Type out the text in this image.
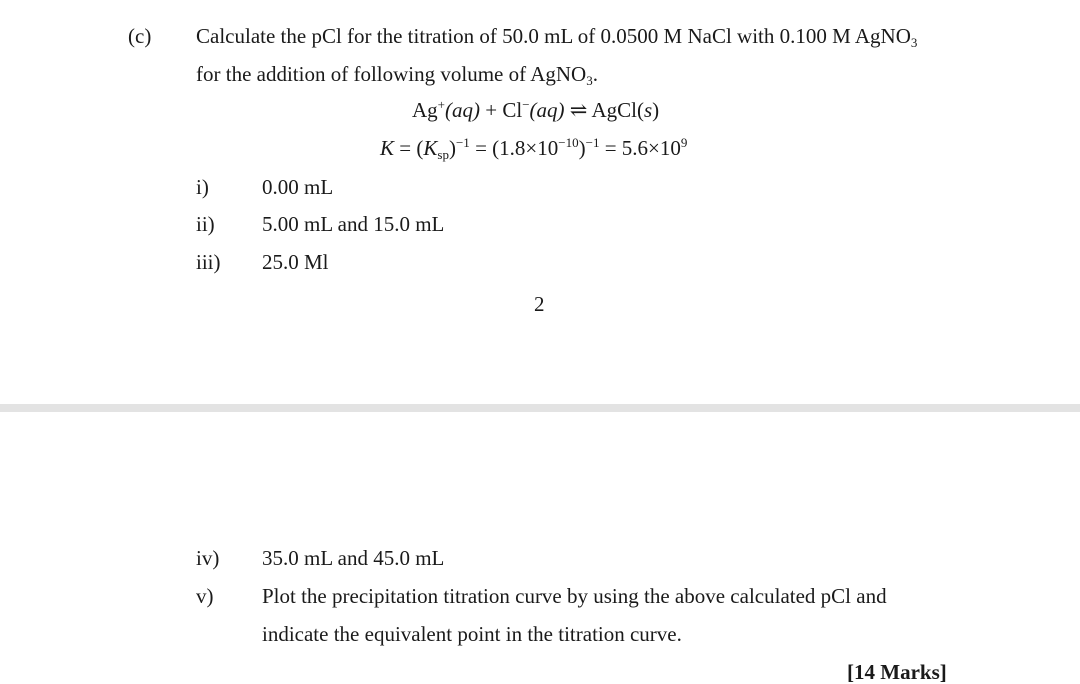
(c) Calculate the pCl for the titration of 50.0 mL of 0.0500 M NaCl with 0.100 M AgNO$_3$
for the addition of following volume of AgNO$_3$.
Ag+(aq) + Cl−(aq) ⇌ AgCl(s)
$K = (K_{sp})^{-1} = (1.8\times 10^{-10})^{-1} = 5.6\times 10^9$
i)	0.00 mL
ii) 5.00 mL and 15.0 mL
iii) 25.0 Ml
2
iv) 35.0 mL and 45.0 mL
v) Plot the precipitation titration curve by using the above calculated pCl and
indicate the equivalent point in the titration curve.
[14 Marks]
